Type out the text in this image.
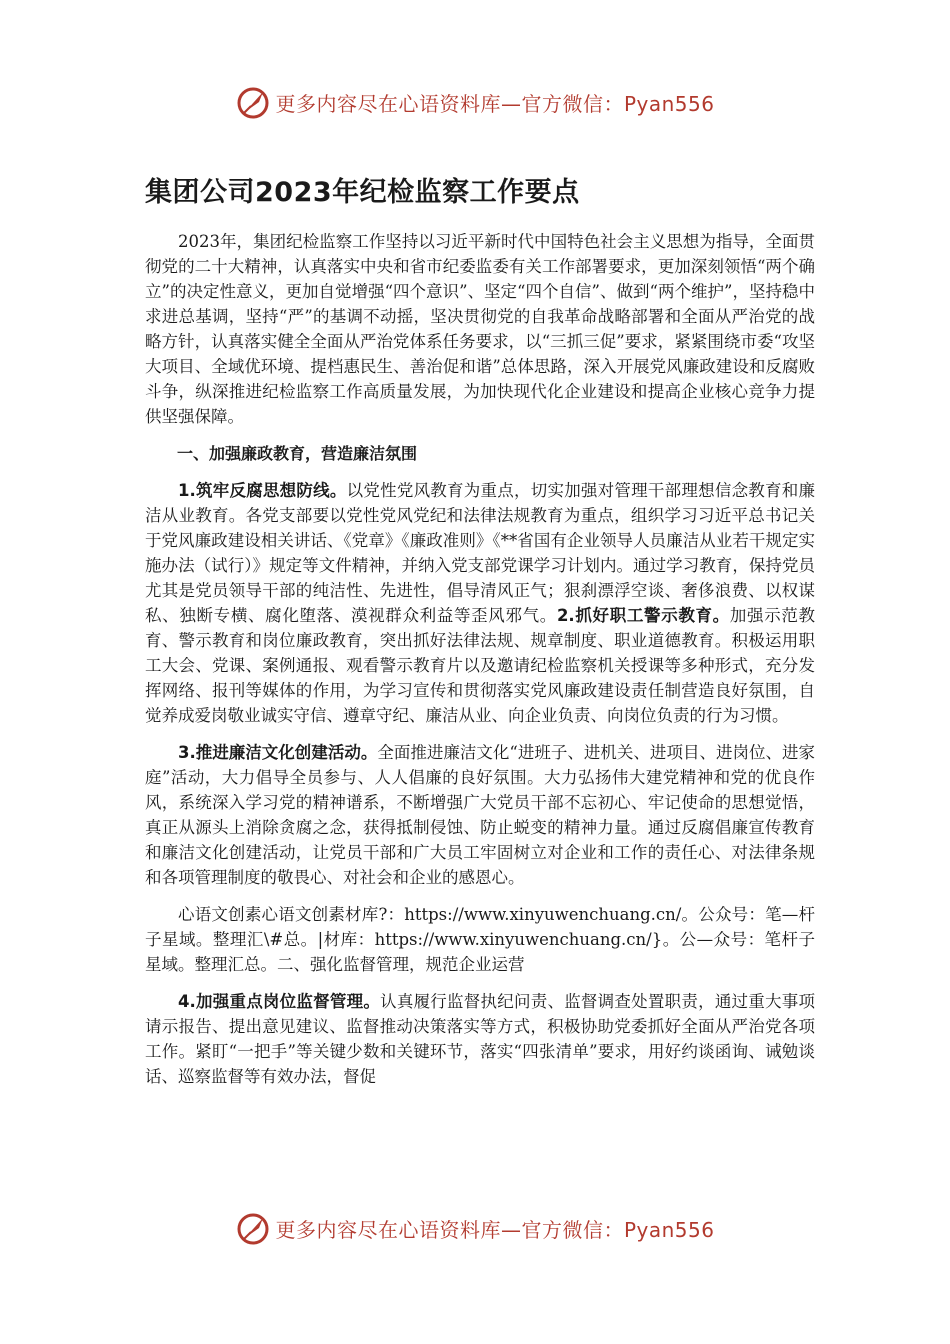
更多内容尽在心语资料库—官方微信：Pyan556
集团公司2023年纪检监察工作要点

2023年，集团纪检监察工作坚持以习近平新时代中国特色社会主义思想为指导，全面贯彻党的二十大精神，认真落实中央和省市纪委监委有关工作部署要求，更加深刻领悟“两个确立”的决定性意义，更加自觉增强“四个意识”、坚定“四个自信”、做到“两个维护”，坚持稳中求进总基调，坚持“严”的基调不动摇，坚决贯彻党的自我革命战略部署和全面从严治党的战略方针，认真落实健全全面从严治党体系任务要求，以“三抓三促”要求，紧紧围绕市委“攻坚大项目、全域优环境、提档惠民生、善治促和谐”总体思路，深入开展党风廉政建设和反腐败斗争，纵深推进纪检监察工作高质量发展，为加快现代化企业建设和提高企业核心竞争力提供坚强保障。

一、加强廉政教育，营造廉洁氛围

1.筑牢反腐思想防线。以党性党风教育为重点，切实加强对管理干部理想信念教育和廉洁从业教育。各党支部要以党性党风党纪和法律法规教育为重点，组织学习习近平总书记关于党风廉政建设相关讲话、《党章》《廉政准则》《**省国有企业领导人员廉洁从业若干规定实施办法（试行）》规定等文件精神，并纳入党支部党课学习计划内。通过学习教育，保持党员尤其是党员领导干部的纯洁性、先进性，倡导清风正气；狠刹漂浮空谈、奢侈浪费、以权谋私、独断专横、腐化堕落、漠视群众利益等歪风邪气。2.抓好职工警示教育。加强示范教育、警示教育和岗位廉政教育，突出抓好法律法规、规章制度、职业道德教育。积极运用职工大会、党课、案例通报、观看警示教育片以及邀请纪检监察机关授课等多种形式，充分发挥网络、报刊等媒体的作用，为学习宣传和贯彻落实党风廉政建设责任制营造良好氛围，自觉养成爱岗敬业诚实守信、遵章守纪、廉洁从业、向企业负责、向岗位负责的行为习惯。

3.推进廉洁文化创建活动。全面推进廉洁文化“进班子、进机关、进项目、进岗位、进家庭”活动，大力倡导全员参与、人人倡廉的良好氛围。大力弘扬伟大建党精神和党的优良作风，系统深入学习党的精神谱系，不断增强广大党员干部不忘初心、牢记使命的思想觉悟，真正从源头上消除贪腐之念，获得抵制侵蚀、防止蜕变的精神力量。通过反腐倡廉宣传教育和廉洁文化创建活动，让党员干部和广大员工牢固树立对企业和工作的责任心、对法律条规和各项管理制度的敬畏心、对社会和企业的感恩心。

心语文创素心语文创素材库?：https://www.xinyuwenchuang.cn/。公众号：笔—杆子星域。整理汇\#总。|材库：https://www.xinyuwenchuang.cn/}。公—众号：笔杆子星域。整理汇总。二、强化监督管理，规范企业运营

4.加强重点岗位监督管理。认真履行监督执纪问责、监督调查处置职责，通过重大事项请示报告、提出意见建议、监督推动决策落实等方式，积极协助党委抓好全面从严治党各项工作。紧盯“一把手”等关键少数和关键环节，落实“四张清单”要求，用好约谈函询、诫勉谈话、巡察监督等有效办法，督促

更多内容尽在心语资料库—官方微信：Pyan556
